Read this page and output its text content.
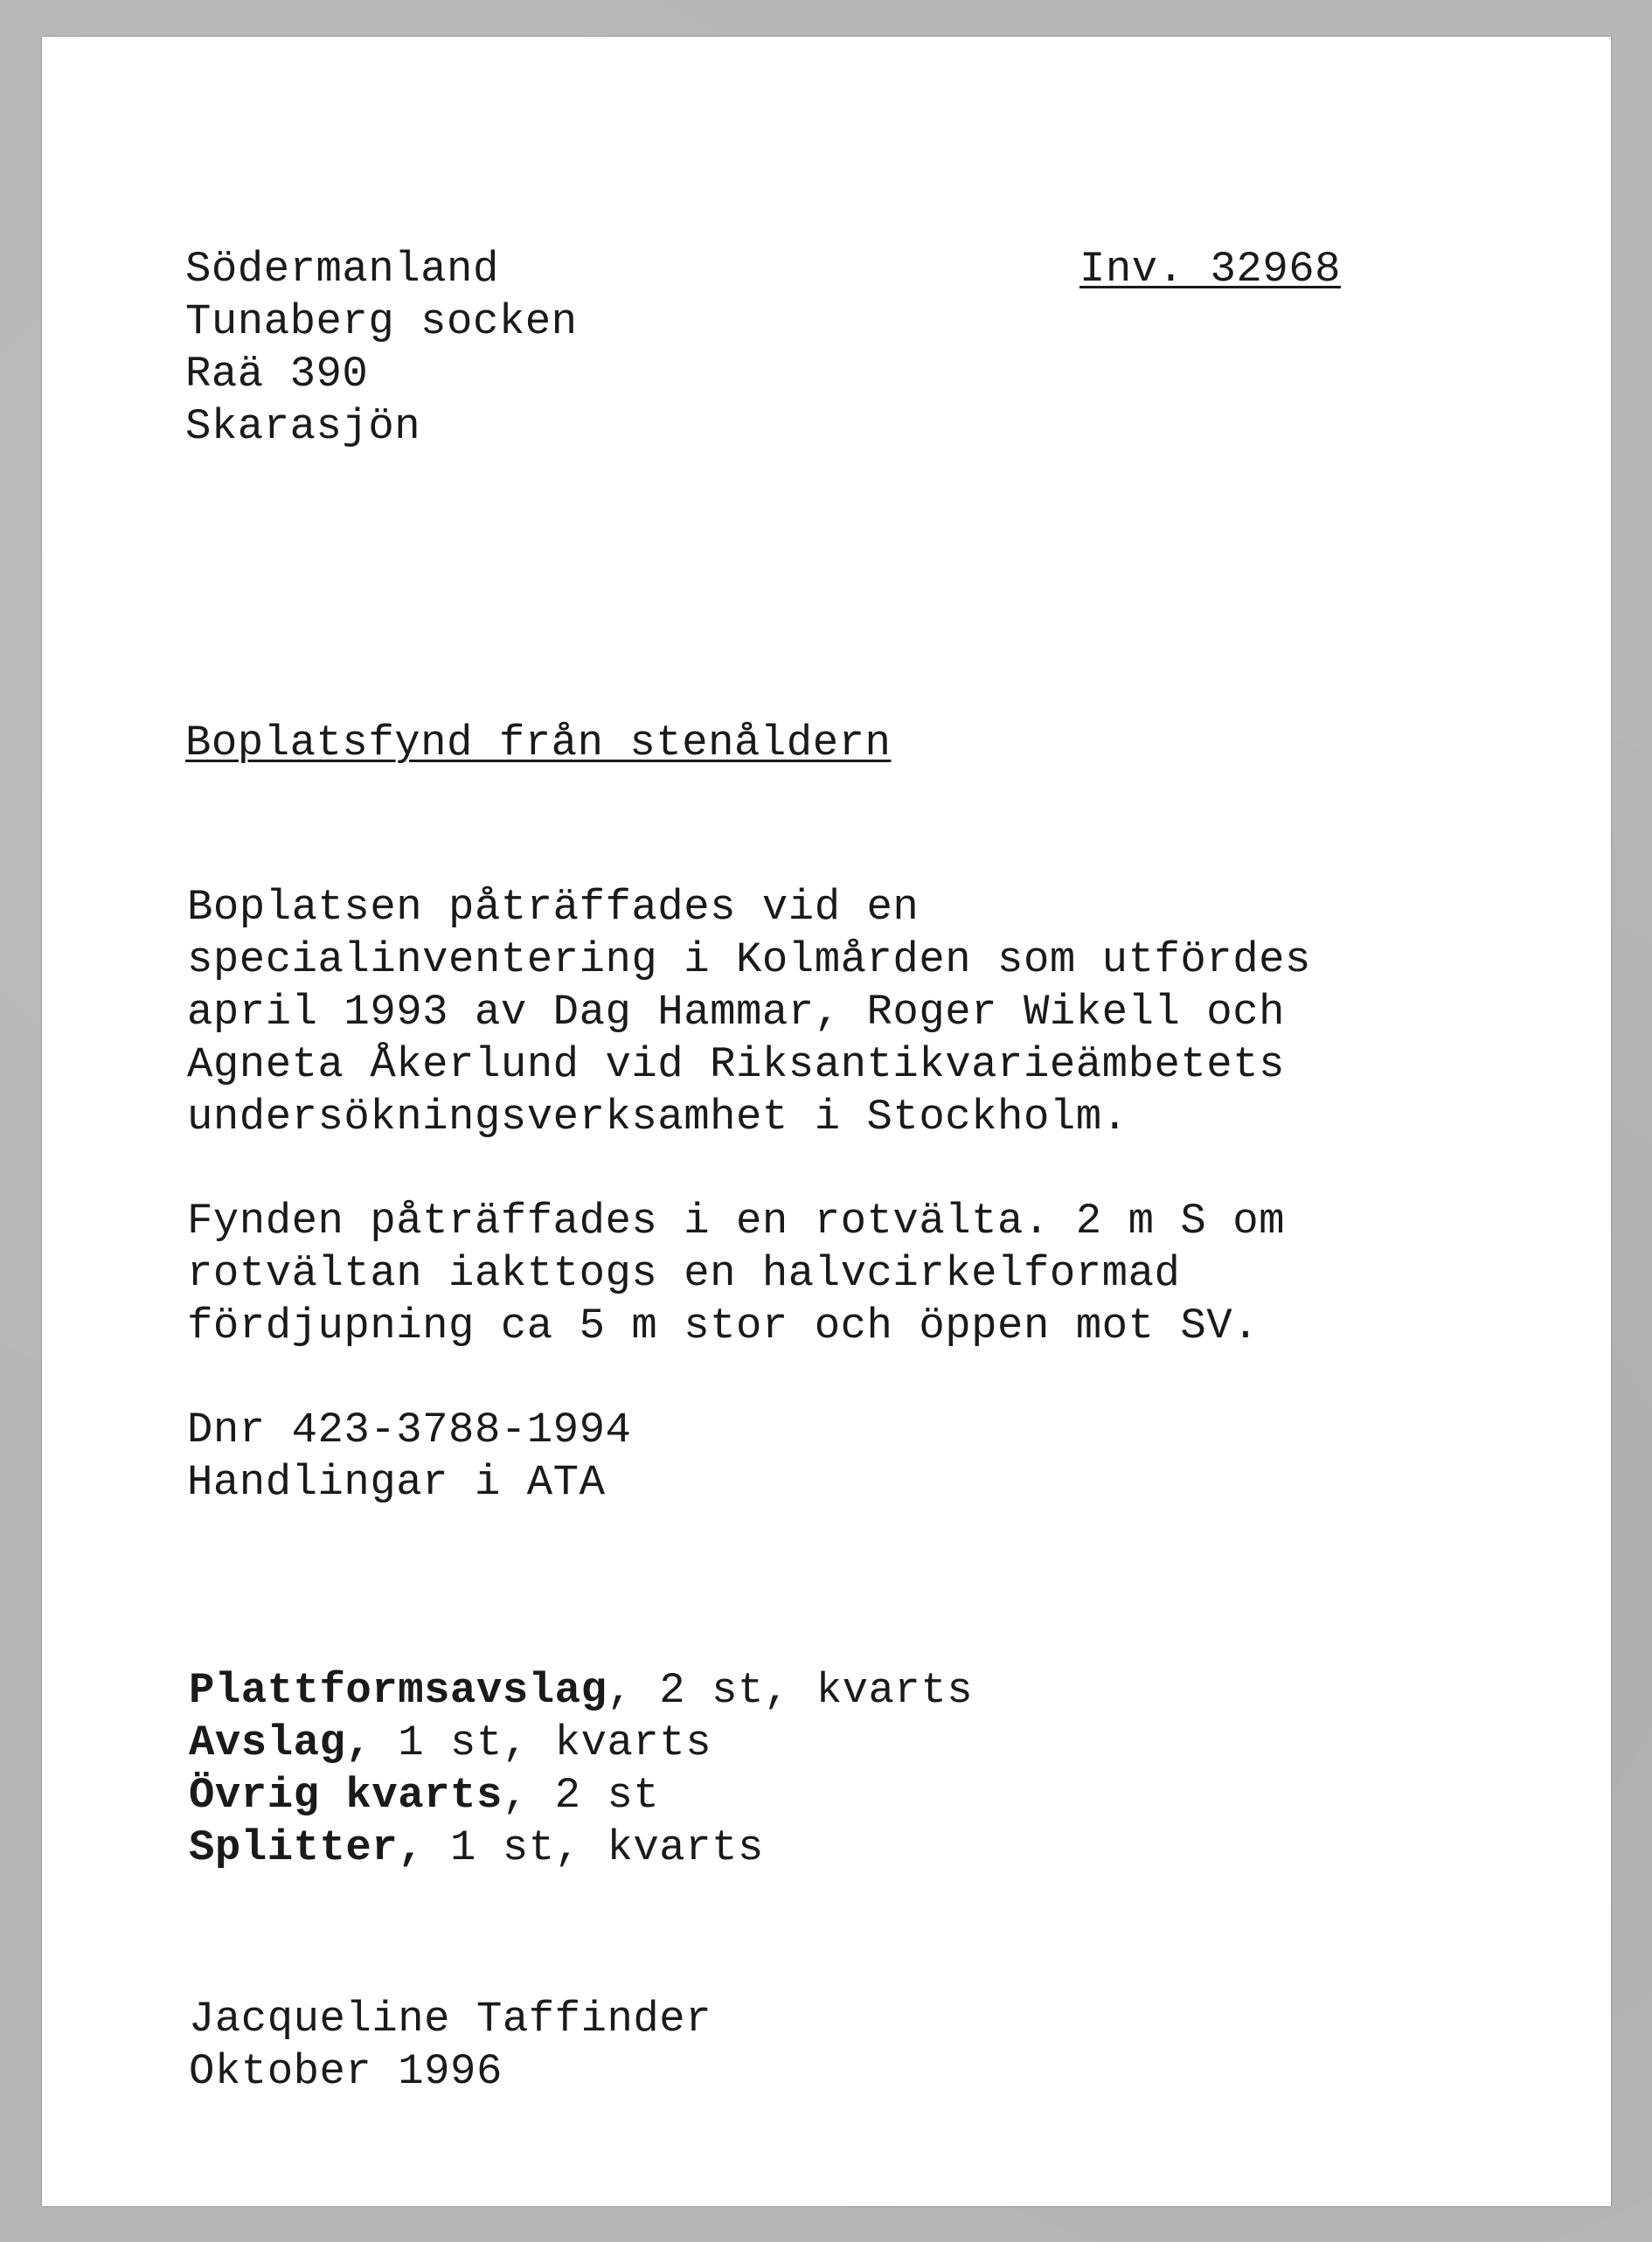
Södermanland
Tunaberg socken
Raä 390
Skarasjön
Inv. 32968
Boplatsfynd från stenåldern
Boplatsen påträffades vid en
specialinventering i Kolmården som utfördes
april 1993 av Dag Hammar, Roger Wikell och
Agneta Åkerlund vid Riksantikvarieämbetets
undersökningsverksamhet i Stockholm.
Fynden påträffades i en rotvälta. 2 m S om
rotvältan iakttogs en halvcirkelformad
fördjupning ca 5 m stor och öppen mot SV.
Dnr 423-3788-1994
Handlingar i ATA
Plattformsavslag, 2 st, kvarts
Avslag, 1 st, kvarts
Övrig kvarts, 2 st
Splitter, 1 st, kvarts
Jacqueline Taffinder
Oktober 1996
